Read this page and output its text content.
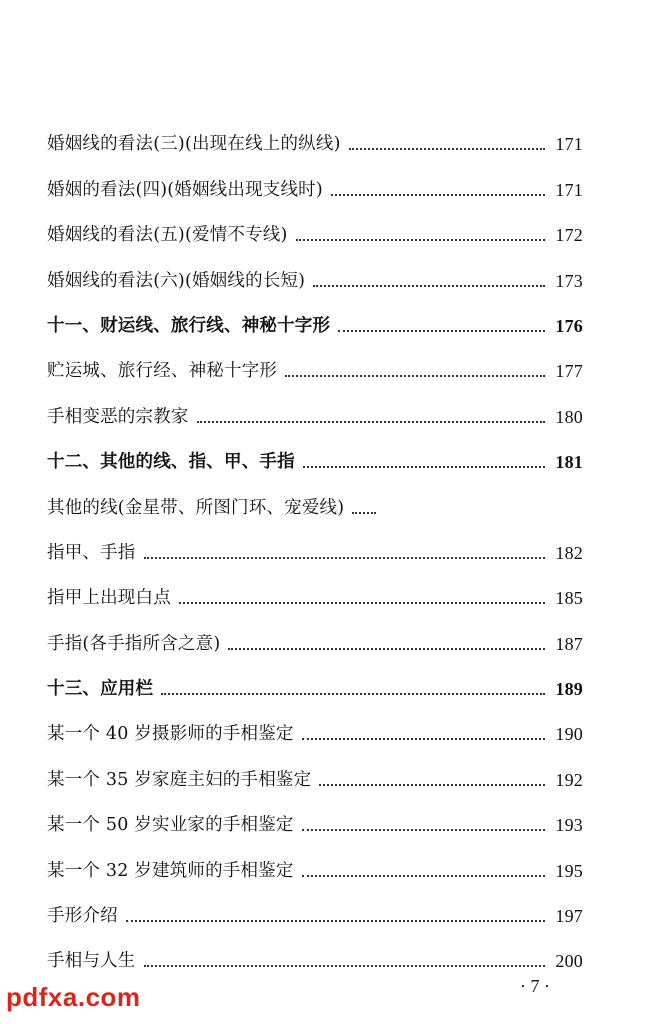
婚姻线的看法(三)(出现在线上的纵线)	171
婚姻的看法(四)(婚姻线出现支线时)	171
婚姻线的看法(五)(爱情不专线)	172
婚姻线的看法(六)(婚姻线的长短)	173
十一、财运线、旅行线、神秘十字形	176
贮运城、旅行经、神秘十字形	177
手相变恶的宗教家	180
十二、其他的线、指、甲、手指	181
其他的线(金星带、所图门环、宠爱线)
指甲、手指	182
指甲上出现白点	185
手指(各手指所含之意)	187
十三、应用栏	189
某一个 40 岁摄影师的手相鉴定	190
某一个 35 岁家庭主妇的手相鉴定	192
某一个 50 岁实业家的手相鉴定	193
某一个 32 岁建筑师的手相鉴定	195
手形介绍	197
手相与人生	200
· 7 ·
pdfxa.com
